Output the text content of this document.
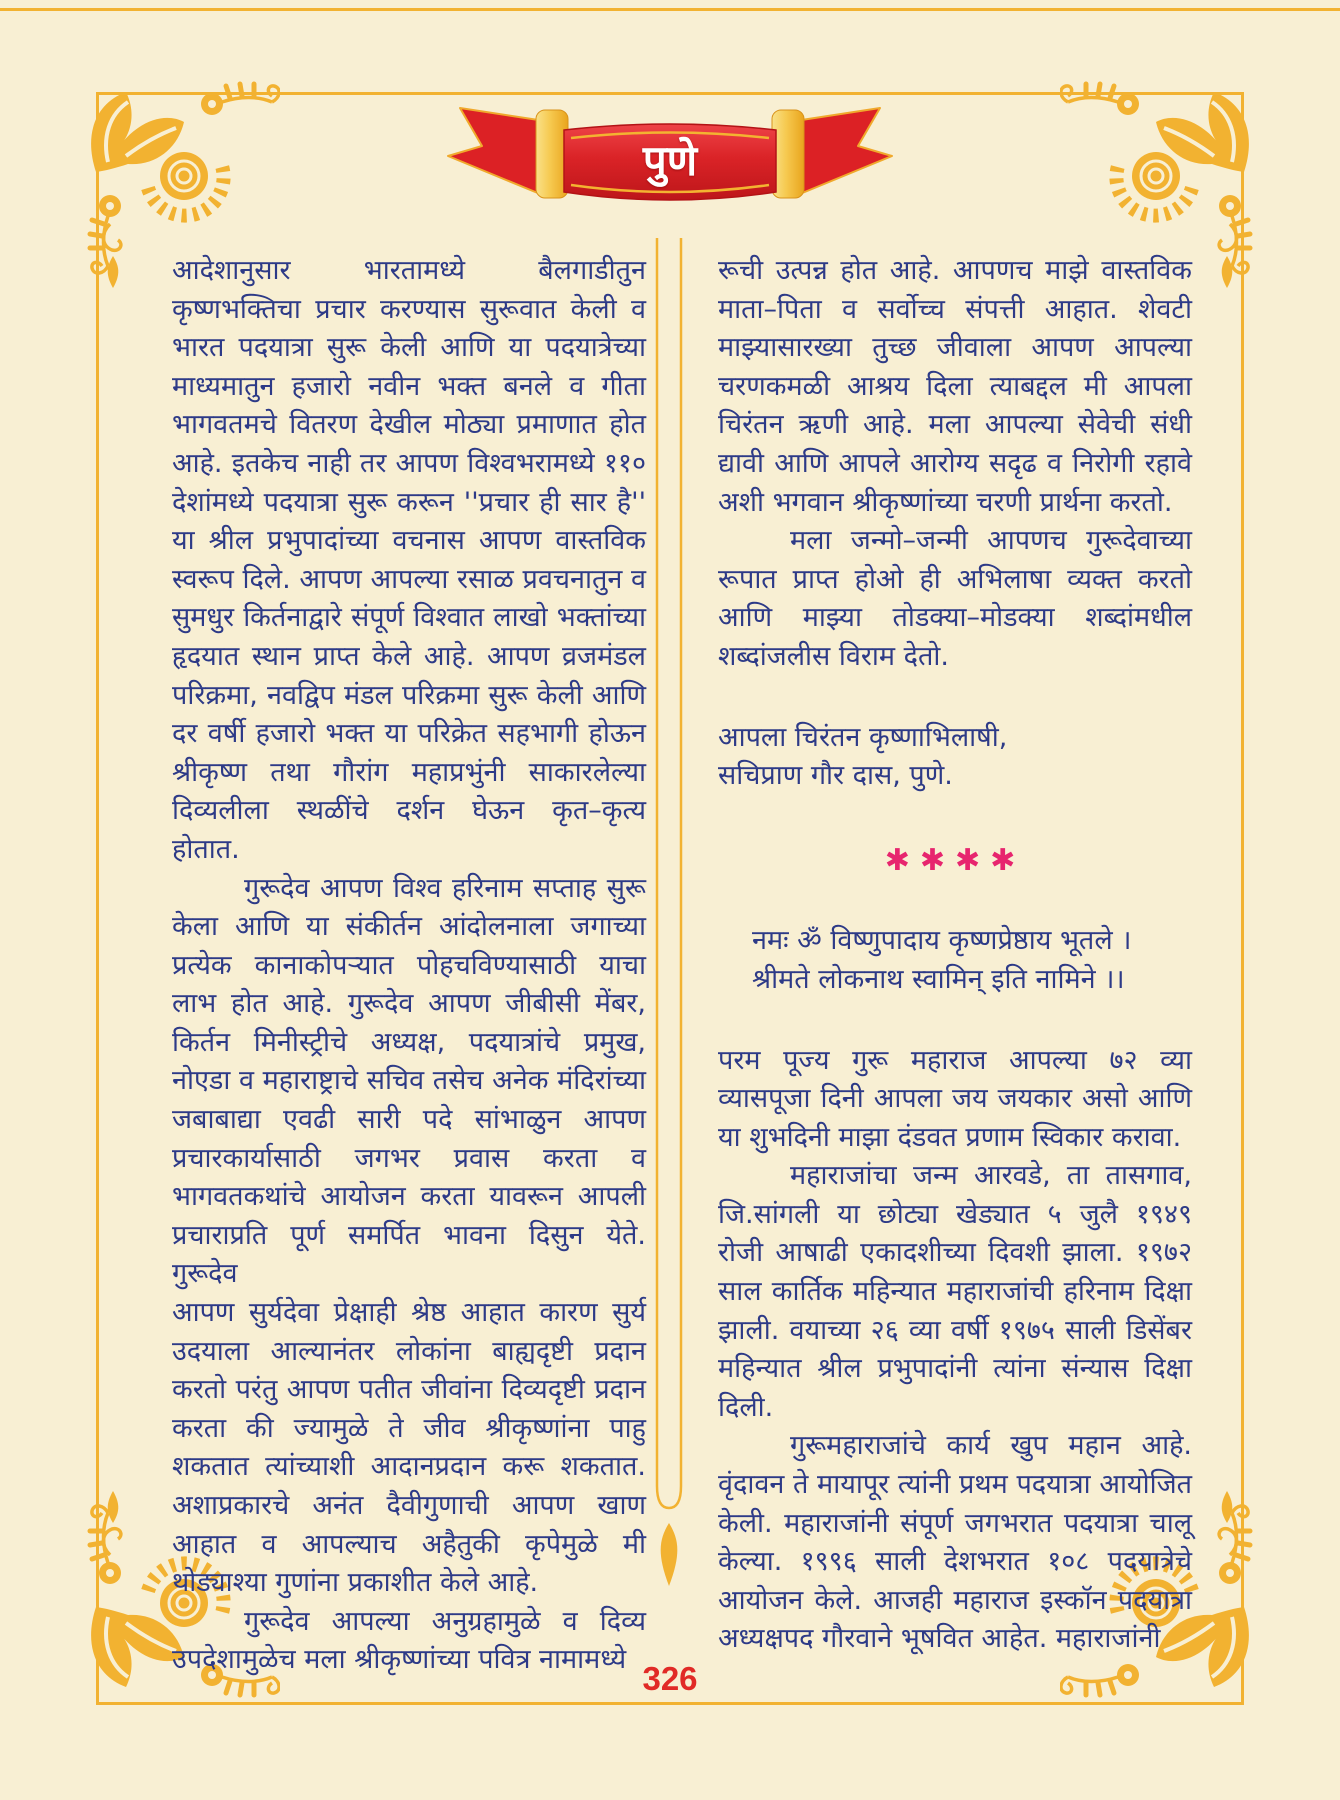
पुणे
आदेशानुसार भारतामध्ये बैलगाडीतुन
कृष्णभक्तिचा प्रचार करण्यास सुरूवात केली व
भारत पदयात्रा सुरू केली आणि या पदयात्रेच्या
माध्यमातुन हजारो नवीन भक्त बनले व गीता
भागवतमचे वितरण देखील मोठ्या प्रमाणात होत
आहे. इतकेच नाही तर आपण विश्वभरामध्ये ११०
देशांमध्ये पदयात्रा सुरू करून ''प्रचार ही सार है''
या श्रील प्रभुपादांच्या वचनास आपण वास्तविक
स्वरूप दिले. आपण आपल्या रसाळ प्रवचनातुन व
सुमधुर किर्तनाद्वारे संपूर्ण विश्वात लाखो भक्तांच्या
हृदयात स्थान प्राप्त केले आहे. आपण व्रजमंडल
परिक्रमा, नवद्विप मंडल परिक्रमा सुरू केली आणि
दर वर्षी हजारो भक्त या परिक्रेत सहभागी होऊन
श्रीकृष्ण तथा गौरांग महाप्रभुंनी साकारलेल्या
दिव्यलीला स्थळींचे दर्शन घेऊन कृत–कृत्य
होतात.
गुरूदेव आपण विश्व हरिनाम सप्ताह सुरू
केला आणि या संकीर्तन आंदोलनाला जगाच्या
प्रत्येक कानाकोपऱ्यात पोहचविण्यासाठी याचा
लाभ होत आहे. गुरूदेव आपण जीबीसी मेंबर,
किर्तन मिनीस्ट्रीचे अध्यक्ष, पदयात्रांचे प्रमुख,
नोएडा व महाराष्ट्राचे सचिव तसेच अनेक मंदिरांच्या
जबाबाद्या एवढी सारी पदे सांभाळुन आपण
प्रचारकार्यासाठी जगभर प्रवास करता व
भागवतकथांचे आयोजन करता यावरून आपली
प्रचाराप्रति पूर्ण समर्पित भावना दिसुन येते. गुरूदेव
आपण सुर्यदेवा प्रेक्षाही श्रेष्ठ आहात कारण सुर्य
उदयाला आल्यानंतर लोकांना बाह्यदृष्टी प्रदान
करतो परंतु आपण पतीत जीवांना दिव्यदृष्टी प्रदान
करता की ज्यामुळे ते जीव श्रीकृष्णांना पाहु
शकतात त्यांच्याशी आदानप्रदान करू शकतात.
अशाप्रकारचे अनंत दैवीगुणाची आपण खाण
आहात व आपल्याच अहैतुकी कृपेमुळे मी
थोड्याश्या गुणांना प्रकाशीत केले आहे.
गुरूदेव आपल्या अनुग्रहामुळे व दिव्य
उपदेशामुळेच मला श्रीकृष्णांच्या पवित्र नामामध्ये
रूची उत्पन्न होत आहे. आपणच माझे वास्तविक
माता–पिता व सर्वोच्च संपत्ती आहात. शेवटी
माझ्यासारख्या तुच्छ जीवाला आपण आपल्या
चरणकमळी आश्रय दिला त्याबद्दल मी आपला
चिरंतन ऋणी आहे. मला आपल्या सेवेची संधी
द्यावी आणि आपले आरोग्य सदृढ व निरोगी रहावे
अशी भगवान श्रीकृष्णांच्या चरणी प्रार्थना करतो.
मला जन्मो–जन्मी आपणच गुरूदेवाच्या
रूपात प्राप्त होओ ही अभिलाषा व्यक्त करतो
आणि माझ्या तोडक्या–मोडक्या शब्दांमधील
शब्दांजलीस विराम देतो.
आपला चिरंतन कृष्णाभिलाषी,
सचिप्राण गौर दास, पुणे.
✱✱✱✱
नमः ॐ विष्णुपादाय कृष्णप्रेष्ठाय भूतले ।
श्रीमते लोकनाथ स्वामिन् इति नामिने ।।
परम पूज्य गुरू महाराज आपल्या ७२ व्या
व्यासपूजा दिनी आपला जय जयकार असो आणि
या शुभदिनी माझा दंडवत प्रणाम स्विकार करावा.
महाराजांचा जन्म आरवडे, ता तासगाव,
जि.सांगली या छोट्या खेड्यात ५ जुलै १९४९
रोजी आषाढी एकादशीच्या दिवशी झाला. १९७२
साल कार्तिक महिन्यात महाराजांची हरिनाम दिक्षा
झाली. वयाच्या २६ व्या वर्षी १९७५ साली डिसेंबर
महिन्यात श्रील प्रभुपादांनी त्यांना संन्यास दिक्षा
दिली.
गुरूमहाराजांचे कार्य खुप महान आहे.
वृंदावन ते मायापूर त्यांनी प्रथम पदयात्रा आयोजित
केली. महाराजांनी संपूर्ण जगभरात पदयात्रा चालू
केल्या. १९९६ साली देशभरात १०८ पदयात्रेचे
आयोजन केले. आजही महाराज इस्कॉन पदयात्रा
अध्यक्षपद गौरवाने भूषवित आहेत. महाराजांनी
326
